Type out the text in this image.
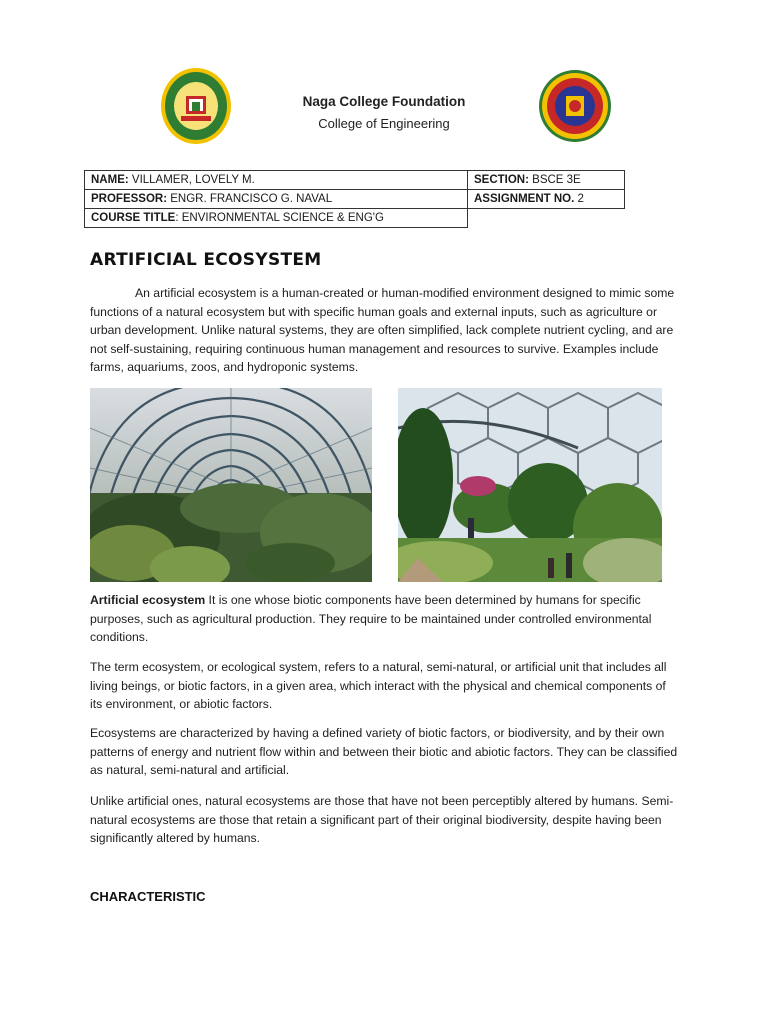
Naga College Foundation
College of Engineering
NAME: VILLAMER, LOVELY M.	SECTION: BSCE 3E
PROFESSOR: ENGR. FRANCISCO G. NAVAL	ASSIGNMENT NO. 2
COURSE TITLE: ENVIRONMENTAL SCIENCE & ENG'G	
ARTIFICIAL ECOSYSTEM

An artificial ecosystem is a human-created or human-modified environment designed to mimic some functions of a natural ecosystem but with specific human goals and external inputs, such as agriculture or urban development. Unlike natural systems, they are often simplified, lack complete nutrient cycling, and are not self-sustaining, requiring continuous human management and resources to survive. Examples include farms, aquariums, zoos, and hydroponic systems.

Artificial ecosystem It is one whose biotic components have been determined by humans for specific purposes, such as agricultural production. They require to be maintained under controlled environmental conditions.

The term ecosystem, or ecological system, refers to a natural, semi-natural, or artificial unit that includes all living beings, or biotic factors, in a given area, which interact with the physical and chemical components of its environment, or abiotic factors.

Ecosystems are characterized by having a defined variety of biotic factors, or biodiversity, and by their own patterns of energy and nutrient flow within and between their biotic and abiotic factors. They can be classified as natural, semi-natural and artificial.

Unlike artificial ones, natural ecosystems are those that have not been perceptibly altered by humans. Semi-natural ecosystems are those that retain a significant part of their original biodiversity, despite having been significantly altered by humans.

CHARACTERISTIC
